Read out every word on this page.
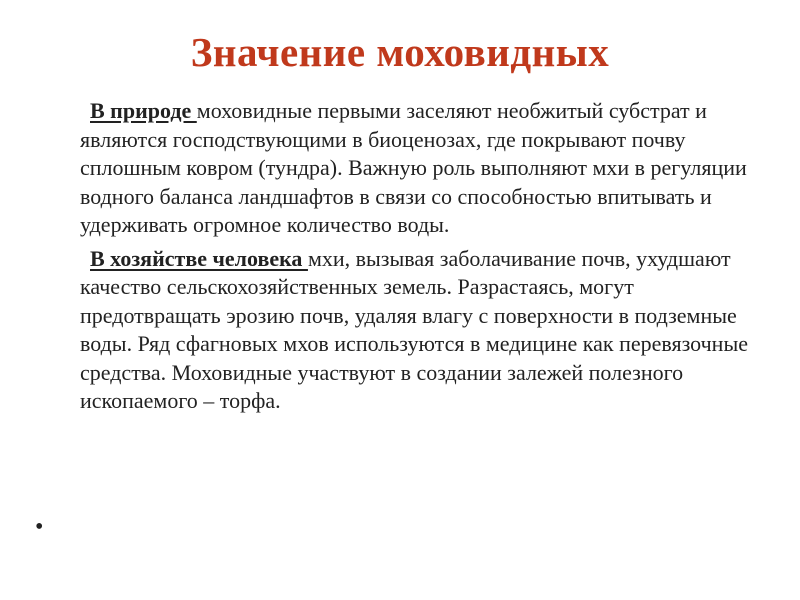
Значение моховидных

В природе моховидные первыми заселяют необжитый субстрат и являются господствующими в биоценозах, где покрывают почву сплошным ковром (тундра). Важную роль выполняют мхи в регуляции водного баланса ландшафтов в связи со способностью впитывать и удерживать огромное количество воды.

В хозяйстве человека мхи, вызывая заболачивание почв, ухудшают качество сельскохозяйственных земель. Разрастаясь, могут предотвращать эрозию почв, удаляя влагу с поверхности в подземные воды. Ряд сфагновых мхов используются в медицине как перевязочные средства. Моховидные участвуют в создании залежей полезного ископаемого – торфа.

•
